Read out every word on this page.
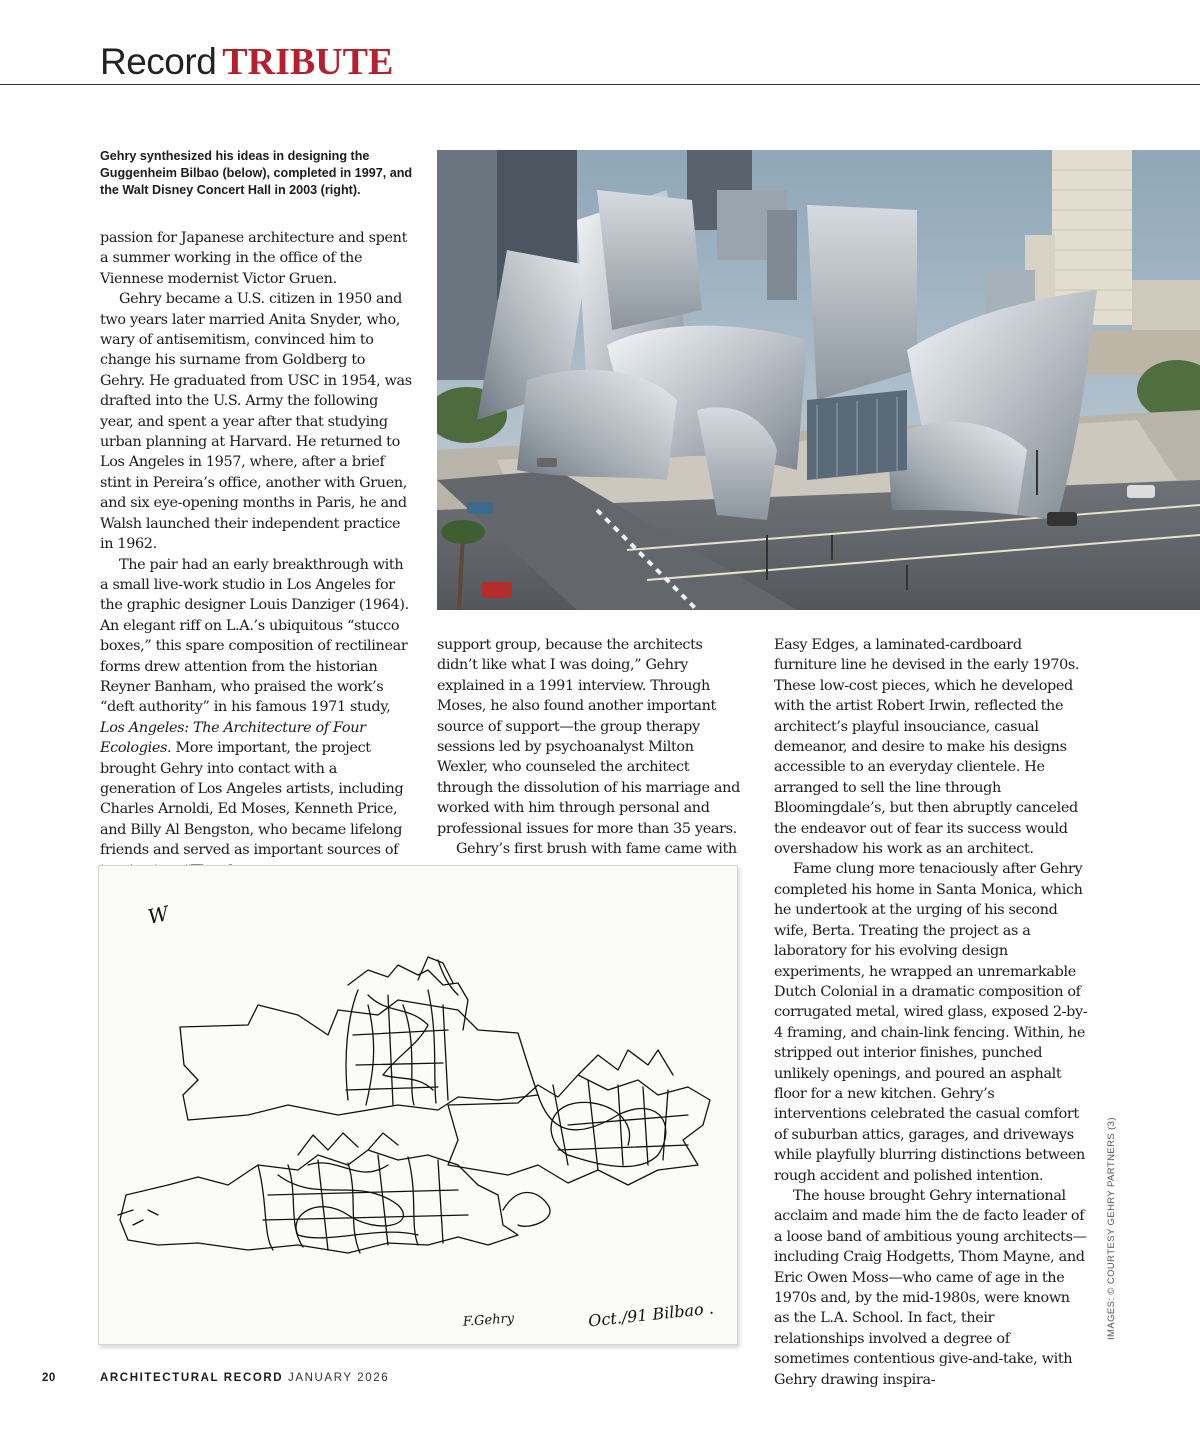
Record TRIBUTE
Gehry synthesized his ideas in designing the Guggenheim Bilbao (below), completed in 1997, and the Walt Disney Concert Hall in 2003 (right).

passion for Japanese architecture and spent a summer working in the office of the Viennese modernist Victor Gruen.

Gehry became a U.S. citizen in 1950 and two years later married Anita Snyder, who, wary of antisemitism, convinced him to change his surname from Goldberg to Gehry. He graduated from USC in 1954, was drafted into the U.S. Army the following year, and spent a year after that studying urban planning at Harvard. He returned to Los Angeles in 1957, where, after a brief stint in Pereira’s office, another with Gruen, and six eye-opening months in Paris, he and Walsh launched their independent practice in 1962.

The pair had an early breakthrough with a small live-work studio in Los Angeles for the graphic designer Louis Danziger (1964). An elegant riff on L.A.’s ubiquitous “stucco boxes,” this spare composition of rectilinear forms drew attention from the historian Reyner Banham, who praised the work’s “deft authority” in his famous 1971 study, Los Angeles: The Architecture of Four Ecologies. More important, the project brought Gehry into contact with a generation of Los Angeles artists, including Charles Arnoldi, Ed Moses, Kenneth Price, and Billy Al Bengston, who became lifelong friends and served as important sources of

support group, because the architects didn’t like what I was doing,” Gehry explained in a 1991 interview. Through Moses, he also found another important source of support—the group therapy sessions led by psychoanalyst Milton Wexler, who counseled the architect through the dissolution of his marriage and worked with him through personal and professional issues for more than 35 years.

Gehry’s first brush with fame came with

Easy Edges, a laminated-cardboard furniture line he devised in the early 1970s. These low-cost pieces, which he developed with the artist Robert Irwin, reflected the architect’s playful insouciance, casual demeanor, and desire to make his designs accessible to an everyday clientele. He arranged to sell the line through Bloomingdale’s, but then abruptly canceled the endeavor out of fear its success would overshadow his work as an architect.

Fame clung more tenaciously after Gehry completed his home in Santa Monica, which he undertook at the urging of his second wife, Berta. Treating the project as a laboratory for his evolving design experiments, he wrapped an unremarkable Dutch Colonial in a dramatic composition of corrugated metal, wired glass, exposed 2-by-4 framing, and chain-link fencing. Within, he stripped out interior finishes, punched unlikely openings, and poured an asphalt floor for a new kitchen. Gehry’s interventions celebrated the casual comfort of suburban attics, garages, and driveways while playfully blurring distinctions between rough accident and polished intention.

The house brought Gehry international acclaim and made him the de facto leader of a loose band of ambitious young architects—including Craig Hodgetts, Thom Mayne, and Eric Owen Moss—who came of age in the 1970s and, by the mid-1980s, were known as the L.A. School. In fact, their relationships involved a degree of sometimes contentious give-and-take, with Gehry drawing inspira-

W
F.Gehry	Oct./91 Bilbao .	IMAGES: © COURTESY GEHRY PARTNERS (3)
20	ARCHITECTURAL RECORD JANUARY 2026
